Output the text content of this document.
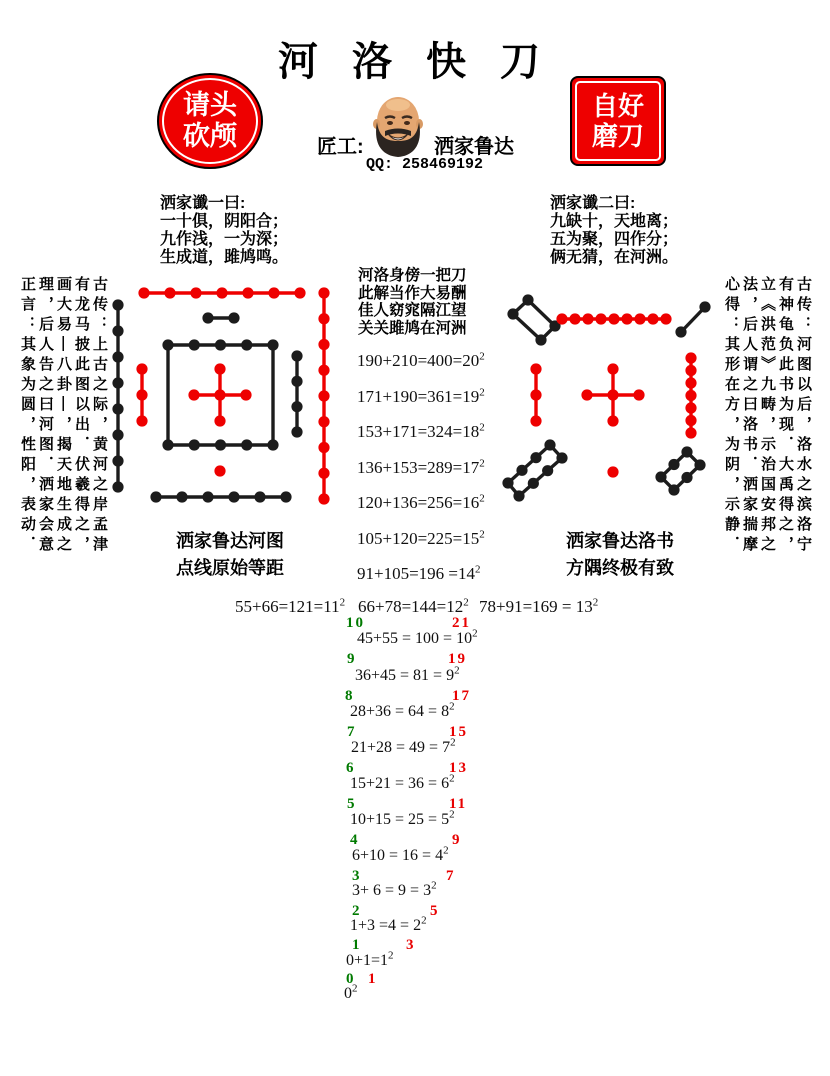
河 洛 快 刀
请头
砍颅
自好
磨刀
匠工:	洒家鲁达
QQ: 258469192
洒家谶一曰:
一十俱，阴阳合；
九作浅，一为深；
生成道，雎鸠鸣。
洒家谶二曰:
九缺十，天地离；
五为聚，四作分；
俩无猜，在河洲。
古传：上古之际，黄河之岸孟津有龙马披此图以出．伏羲得之，画大易—八卦—，揭天地生成之理，后人告之曰河图．洒家会意正言：其象为圆，性阳，表动．	古传：河图以后，洛水之滨洛宁有神龟负此书为现．大禹得之，立《洪范》九畴，示治国安邦之法，后人谓之曰洛书．洒家揣摩心得：其形在方，为阴，示静．
河洛身傍一把刀
此解当作大易酬
佳人窈窕隔江望
关关雎鸠在河洲
$190+210=400=20^2$
$171+190=361=19^2$
$153+171=324=18^2$
$136+153=289=17^2$
$120+136=256=16^2$
$105+120=225=15^2$
$91+105=196 =14^2$
洒家鲁达河图
点线原始等距
洒家鲁达洛书
方隅终极有致
$55+66=121=11^2$ $66+78=144=12^2$ $78+91=169 = 13^2$
10	21
$45+55 = 100 = 10^2$
9	19
$36+45 = 81 = 9^2$
8	17
$28+36 = 64 = 8^2$
7	15
$21+28 = 49 = 7^2$
6	13
$15+21 = 36 = 6^2$
5	11
$10+15 = 25 = 5^2$
4	9
$6+10 = 16 = 4^2$
3	7
$3+ 6 = 9 = 3^2$
2	5
$1+3 =4 = 2^2$
1	3
$0+1=1^2$
0 1
$0^2$
